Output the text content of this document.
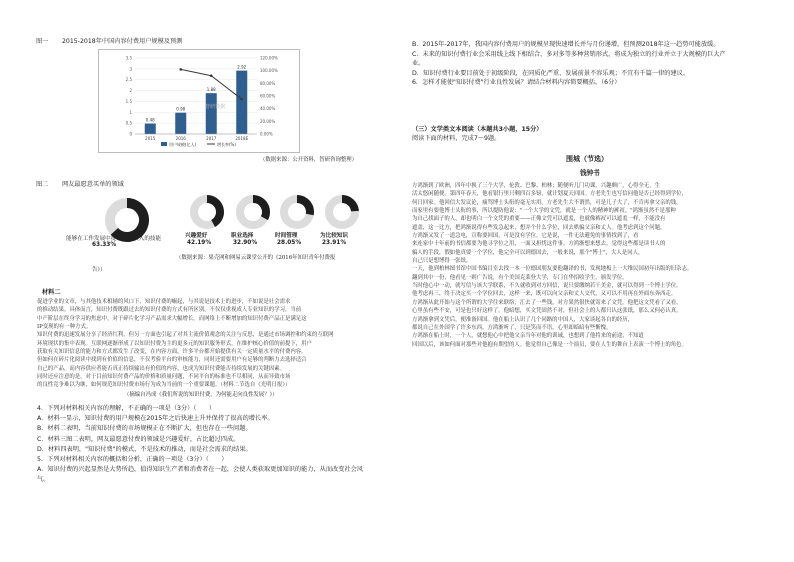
图一 2015-2018年中国内容付费用户规模及预测
3.5
3
2.5
2
1.5
1
0.5
0
120.00%
100.00%
80.00%
60.00%
40.00%
20.00%
0.00%
0.48
2015
0.98
2016
1.88
2017
2.92
2018E
智研数据
用户规模(亿人)	增长率(%)
（数据来源：公开资料，智研咨询整理）
图二 网友最愿意买单的领域
能够在工作发展中提升个人收入的技能
63.33%
兴趣爱好
42.19%
职业选择
32.90%
时间管理
28.05%
为比较知识
23.91%
（数据来源：果壳网和网易云课堂公开的《2016年知识青年付费报
告》）
材料二
促进学业的文章，与其他技术相辅的风口下，知识付费的崛起，与其说是技术上的进步，不如说是社会需求
的推动结果。具体而言，知识付费既跟过去的知识付费的方式有所区别，不仅仅重视成人专业知识的学习，当前
中产阶层在终身学习的焦虑中，对于碎片化学习产品需求大幅增长。而网络上不断增加的知识付费产品正是满足这
IP变现的有一种方式。
知识付费的迅速发展分享了经济红利，但另一方面也引起了对其主流价值观念的关注与反思，是通过市场调控和约束的互联网
环境现状的集中表现。互联网逐渐形成了以知识付费为主的更多元的知识服务形式，在维护核心价值的前提下，用户
获取有关知识信息的能力和方式都发生了改变，在内容方面，许多平台都开始提供有关一定质量水平的付费内容。
但如何在碎片化阅读中找到有价值的信息，不仅考验平台的审核能力，同时还需要用户有足够的判断力去选择适合
自己的产品，而内容供应者能否真正持续输出有价值的内容，也成为知识付费能否持续发展的关键因素。
同时还应注意的是，对于目前知识付费产品的价格和质量问题，不同平台的标准也不尽相同，从而导致市场
的良性竞争难以为继，如何规范知识付费市场行为成为当前的一个重要课题。（材料二节选自《光明日报》）
（摘编自冯成《我们所说的知识付费，为何能走向良性发展？》）
4．下列对材料相关内容的理解，不正确的一项是（3分）（　　）
A．材料一显示，知识付费的用户规模在2015年之后快速上升并保持了很高的增长率。
B．材料二表明，当前知识付费的市场规模正在不断扩大，但也存在一些问题。
C．材料三图二表明，网友最愿意付费的领域是兴趣爱好，占比超过四成。
D．材料四表明，"知识付费"的模式，不是技术的推动，而是社会需求的结果。
5．下列对材料相关内容的概括和分析，正确的一项是（3分）（　　）
A．知识付费的兴起显然是大势所趋，值得知识生产者和消费者在一起，会使人类获取更加知识的能力，从而改变社会风
气。
B．2015年-2017年，我国内容付费用户的规模呈现快速增长并与月份递增，但预测2018年这一趋势可能放缓。
C．未来的知识付费行业会采用线上线下相结合、多对多等多种营销形式，将成为独立的行业并立于大规模的巨大产
业。
D．知识付费行业要目前处于初级阶段，在同质化严重、发展前景不容乐观；不宜有千篇一律的建议。
6．怎样才能使"知识付费"行业良性发展？请结合材料内容简要概括。（6分）
（三）文学类文本阅读（本题共3小题，15分）
阅读下面的材料，完成7～9题。
围城（节选）
钱钟书
方鸿渐到了欧洲，四年中换了三个大学，伦敦、巴黎、柏林；随便听几门功课，兴趣颇广，心得全无，生
活太悠闲随便。第四年春天，他看银行里只剩四百多镑，就计划夏天回国。方老先生也写信问他是否已经得到学位，
何日回家。他回信大发议论，痛骂博士头衔的毫无实用。方老先生大不谓然，可是儿子大了，不肯再拿父亲的钱，
而家里有要他博士头衔的事，所以提防他说："一个大学的文凭，就是一个人的精神的裤衩。"鸿渐虽然不是那种
为自己找面子的人，却也明白一个文凭的重要——正像文凭可以遮羞，也就像裤衩可以遮羞一样，不能没有
遮盖，这一比方，把鸿渐说得有些发急起来，想弄个什么学位，回去哄骗父亲和丈人。他考虑到这个问题，
方鸿渐又发了一道急电，宣称要回国，可是没有学位。它是说，一件无法避免的事情找到了，看
来连家中十年前的书信都要为他寻学位之用，一面又担忧这件事。方鸿渐想来想去，觉得这些都是读书人的
骗人的手段，假如他真要一个学位，他完全可以到德国去，一般来说，那个"博士"，大人是同人，
自己只是想博得一张纸。
一天，他到柏林图书馆中国书编目室去找一本一位德国朋友要他翻译的书，发现地板上一大堆民国初年出版的旧杂志。
翻到其中一份，他看见一则广告说，有个美国克莱登大学，专门在华招收学生，颁发学位。
当时他心中一动，就写信与该大学联系，不久就收到对方回信，说只要缴纳若干美金，就可以得到一个博士学位。
他考虑再三，终于决定买一个学位回去，这样一来，既可以向父亲和丈人交代，又可以不用再在外面东奔西走。
方鸿渐从此开始与这个所谓的大学往来联络，汇去了一些钱，对方果然很快就寄来了文凭。他把这文凭看了又看，
心里虽有些不安，可是也只好这样了。他暗想，买文凭固然不对，但社会上的人都只认这张纸，那么又何必认真。
方鸿渐拿到文凭后，便准备回国。他在船上认识了几个同路的中国人，大家谈起各自的经历，
都说自己在外国学了许多东西，方鸿渐听了，只是笑而不语，心里却暗暗有些惭愧。
方鸿渐在船上时，一个人，就想他心中把他父亲当年对他的训诫，也想到了他将来的前途，不知道
回国以后，该如何面对那些对他抱有期望的人。他觉得自己像是一个演员，要在人生的舞台上表演一个博士的角色。
